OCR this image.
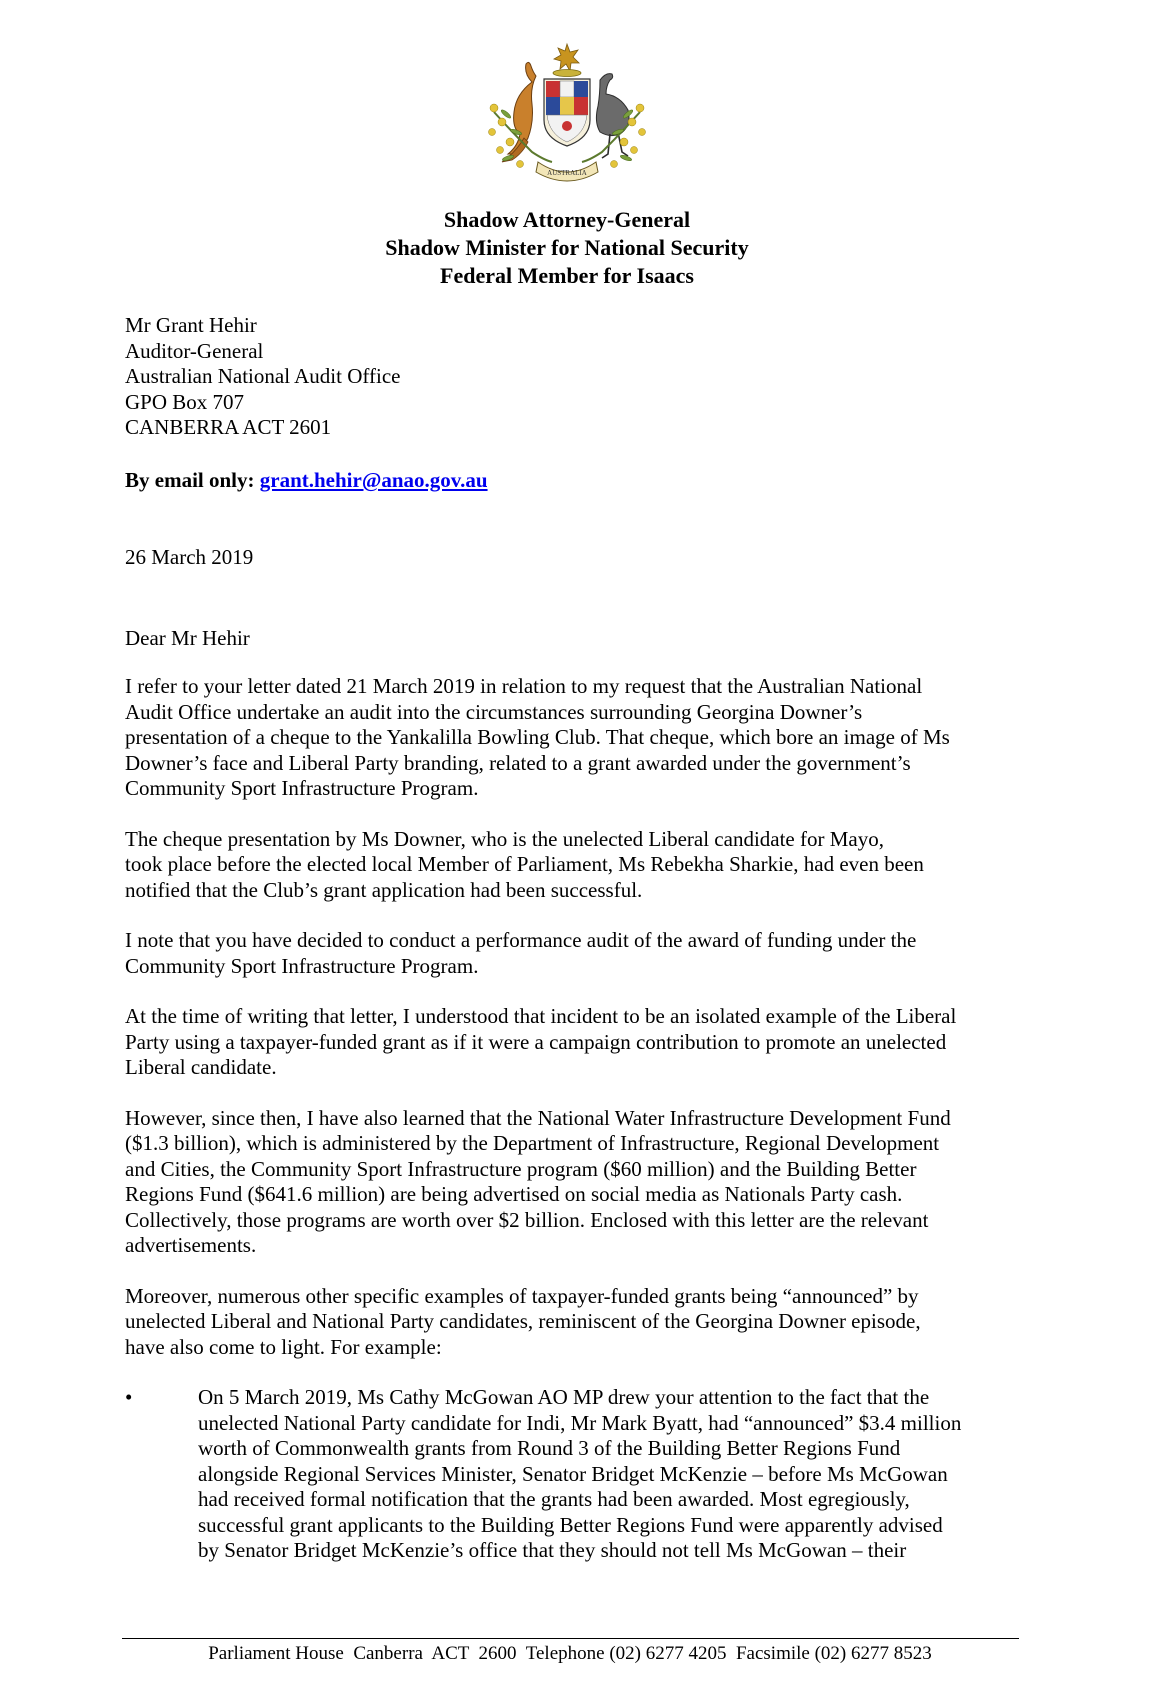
AUSTRALIA
Shadow Attorney-General
Shadow Minister for National Security
Federal Member for Isaacs
Mr Grant Hehir
Auditor-General
Australian National Audit Office
GPO Box 707
CANBERRA ACT 2601
By email only: grant.hehir@anao.gov.au
26 March 2019
Dear Mr Hehir

I refer to your letter dated 21 March 2019 in relation to my request that the Australian National
Audit Office undertake an audit into the circumstances surrounding Georgina Downer’s
presentation of a cheque to the Yankalilla Bowling Club. That cheque, which bore an image of Ms
Downer’s face and Liberal Party branding, related to a grant awarded under the government’s
Community Sport Infrastructure Program.

The cheque presentation by Ms Downer, who is the unelected Liberal candidate for Mayo,
took place before the elected local Member of Parliament, Ms Rebekha Sharkie, had even been
notified that the Club’s grant application had been successful.

I note that you have decided to conduct a performance audit of the award of funding under the
Community Sport Infrastructure Program.

At the time of writing that letter, I understood that incident to be an isolated example of the Liberal
Party using a taxpayer-funded grant as if it were a campaign contribution to promote an unelected
Liberal candidate.

However, since then, I have also learned that the National Water Infrastructure Development Fund
($1.3 billion), which is administered by the Department of Infrastructure, Regional Development
and Cities, the Community Sport Infrastructure program ($60 million) and the Building Better
Regions Fund ($641.6 million) are being advertised on social media as Nationals Party cash.
Collectively, those programs are worth over $2 billion. Enclosed with this letter are the relevant
advertisements.

Moreover, numerous other specific examples of taxpayer-funded grants being “announced” by
unelected Liberal and National Party candidates, reminiscent of the Georgina Downer episode,
have also come to light. For example:

•	On 5 March 2019, Ms Cathy McGowan AO MP drew your attention to the fact that the
unelected National Party candidate for Indi, Mr Mark Byatt, had “announced” $3.4 million
worth of Commonwealth grants from Round 3 of the Building Better Regions Fund
alongside Regional Services Minister, Senator Bridget McKenzie – before Ms McGowan
had received formal notification that the grants had been awarded. Most egregiously,
successful grant applicants to the Building Better Regions Fund were apparently advised
by Senator Bridget McKenzie’s office that they should not tell Ms McGowan – their
Parliament House  Canberra  ACT  2600  Telephone (02) 6277 4205  Facsimile (02) 6277 8523
